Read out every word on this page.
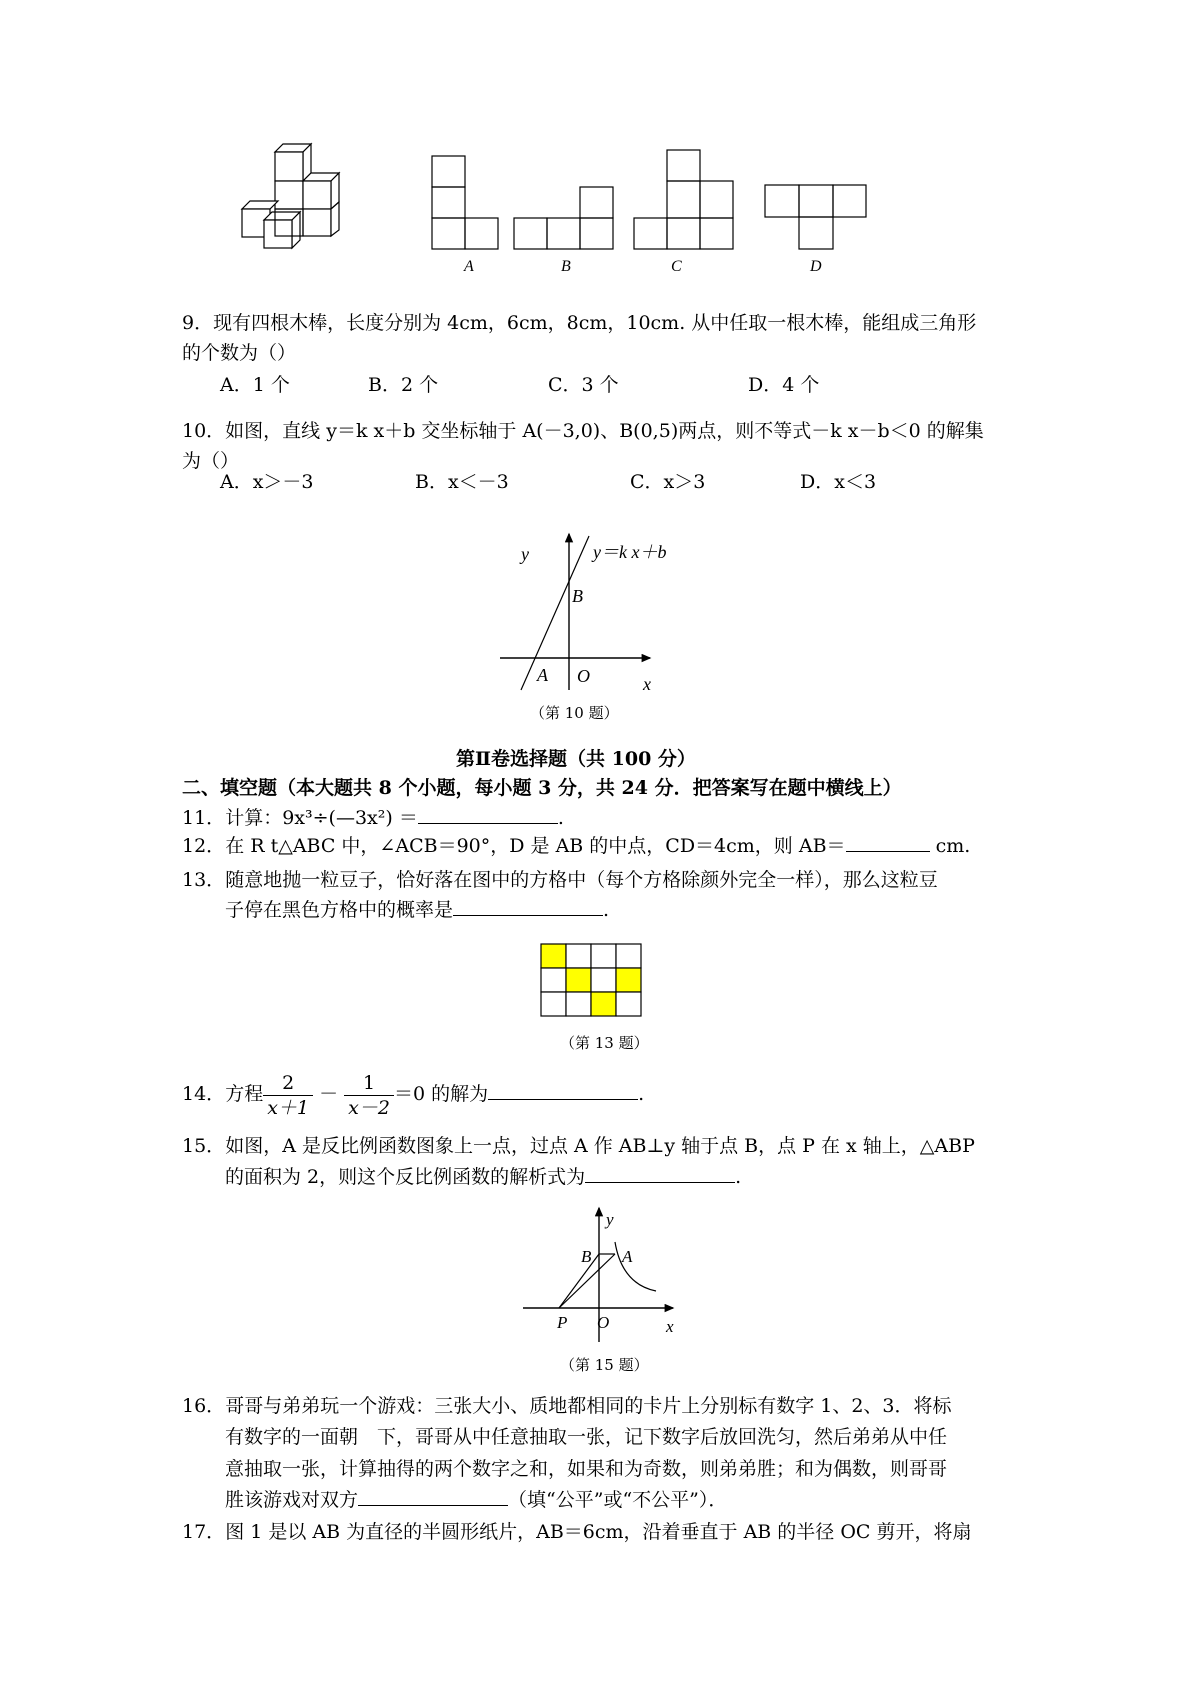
A	B	C	D
9．现有四根木棒，长度分别为 4cm，6cm，8cm，10cm. 从中任取一根木棒，能组成三角形
的个数为（）
A．1 个	B．2 个	C．3 个	D．4 个
10．如图，直线 y＝k x＋b 交坐标轴于 A(－3,0)、B(0,5)两点，则不等式－k x－b＜0 的解集
为（）
A．x＞－3	B．x＜－3	C．x＞3	D．x＜3
y	y＝k x＋b
B
A O	x
（第 10 题）
第Ⅱ卷选择题（共 100 分）
二、填空题（本大题共 8 个小题，每小题 3 分，共 24 分．把答案写在题中横线上）
11．计算：9x³÷(—3x²) ＝	.
12．在 R t△ABC 中，∠ACB＝90°，D 是 AB 的中点，CD＝4cm，则 AB＝	cm.
13．随意地抛一粒豆子，恰好落在图中的方格中（每个方格除颜外完全一样），那么这粒豆
子停在黑色方格中的概率是	.
（第 13 题）
14．方程 $\frac{2}{x+1} - \frac{1}{x-2} =0$ 的解为	.
15．如图，A 是反比例函数图象上一点，过点 A 作 AB⊥y 轴于点 B，点 P 在 x 轴上，△ABP
的面积为 2，则这个反比例函数的解析式为	.
y
B A
P O	x
（第 15 题）
16．哥哥与弟弟玩一个游戏：三张大小、质地都相同的卡片上分别标有数字 1、2、3．将标
有数字的一面朝　下，哥哥从中任意抽取一张，记下数字后放回洗匀，然后弟弟从中任
意抽取一张，计算抽得的两个数字之和，如果和为奇数，则弟弟胜；和为偶数，则哥哥
胜该游戏对双方	（填“公平”或“不公平”）．
17．图 1 是以 AB 为直径的半圆形纸片，AB＝6cm，沿着垂直于 AB 的半径 OC 剪开，将扇
